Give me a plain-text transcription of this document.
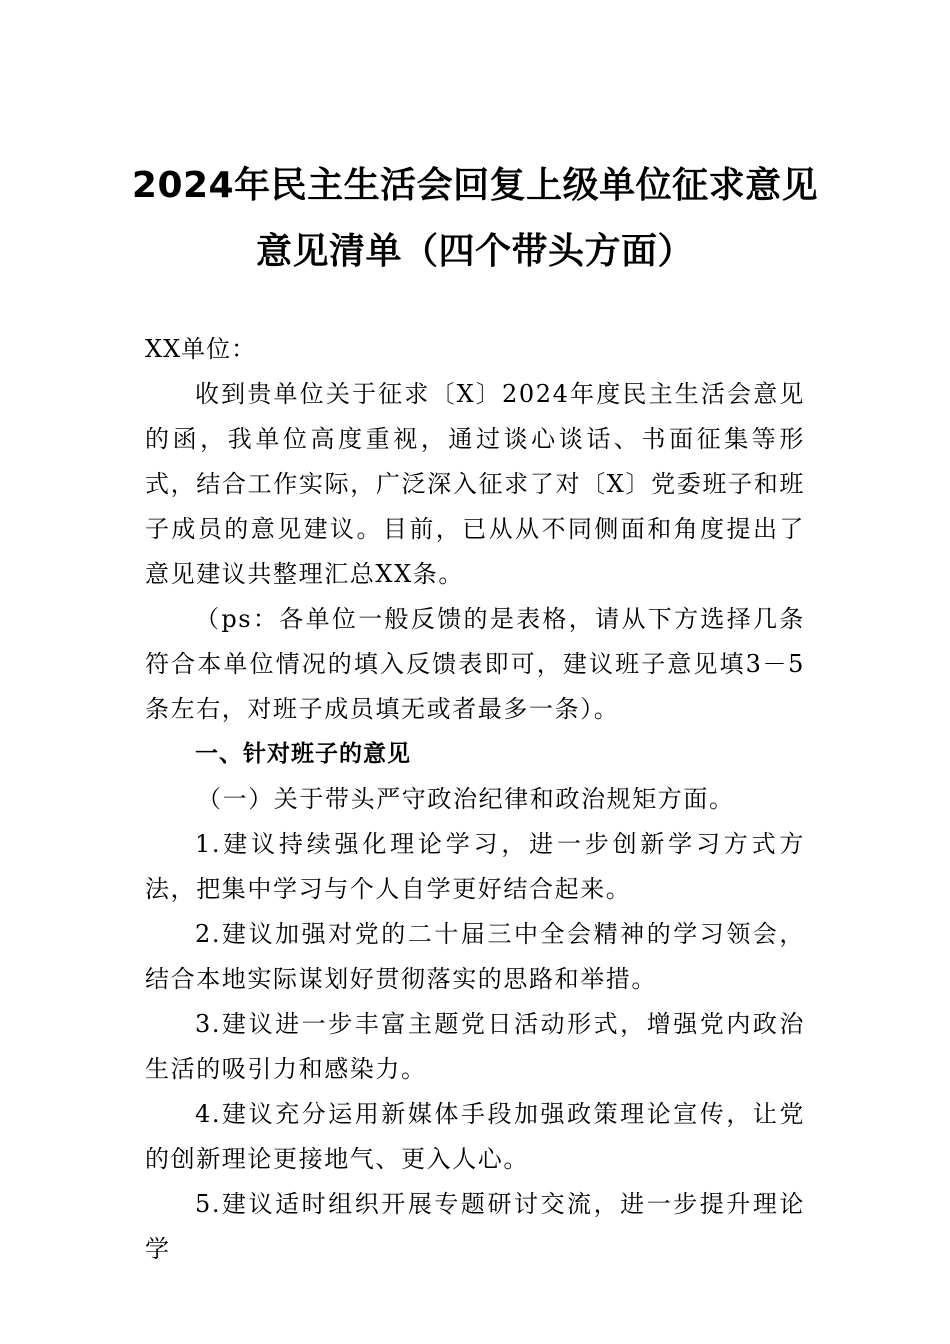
2024年民主生活会回复上级单位征求意见
意见清单（四个带头方面）

XX单位：

收到贵单位关于征求〔X〕2024年度民主生活会意见的函，我单位高度重视，通过谈心谈话、书面征集等形式，结合工作实际，广泛深入征求了对〔X〕党委班子和班子成员的意见建议。目前，已从从不同侧面和角度提出了意见建议共整理汇总XX条。

（ps：各单位一般反馈的是表格，请从下方选择几条符合本单位情况的填入反馈表即可，建议班子意见填3－5条左右，对班子成员填无或者最多一条）。

一、针对班子的意见

（一）关于带头严守政治纪律和政治规矩方面。

1.建议持续强化理论学习，进一步创新学习方式方法，把集中学习与个人自学更好结合起来。

2.建议加强对党的二十届三中全会精神的学习领会，结合本地实际谋划好贯彻落实的思路和举措。

3.建议进一步丰富主题党日活动形式，增强党内政治生活的吸引力和感染力。

4.建议充分运用新媒体手段加强政策理论宣传，让党的创新理论更接地气、更入人心。

5.建议适时组织开展专题研讨交流，进一步提升理论学
